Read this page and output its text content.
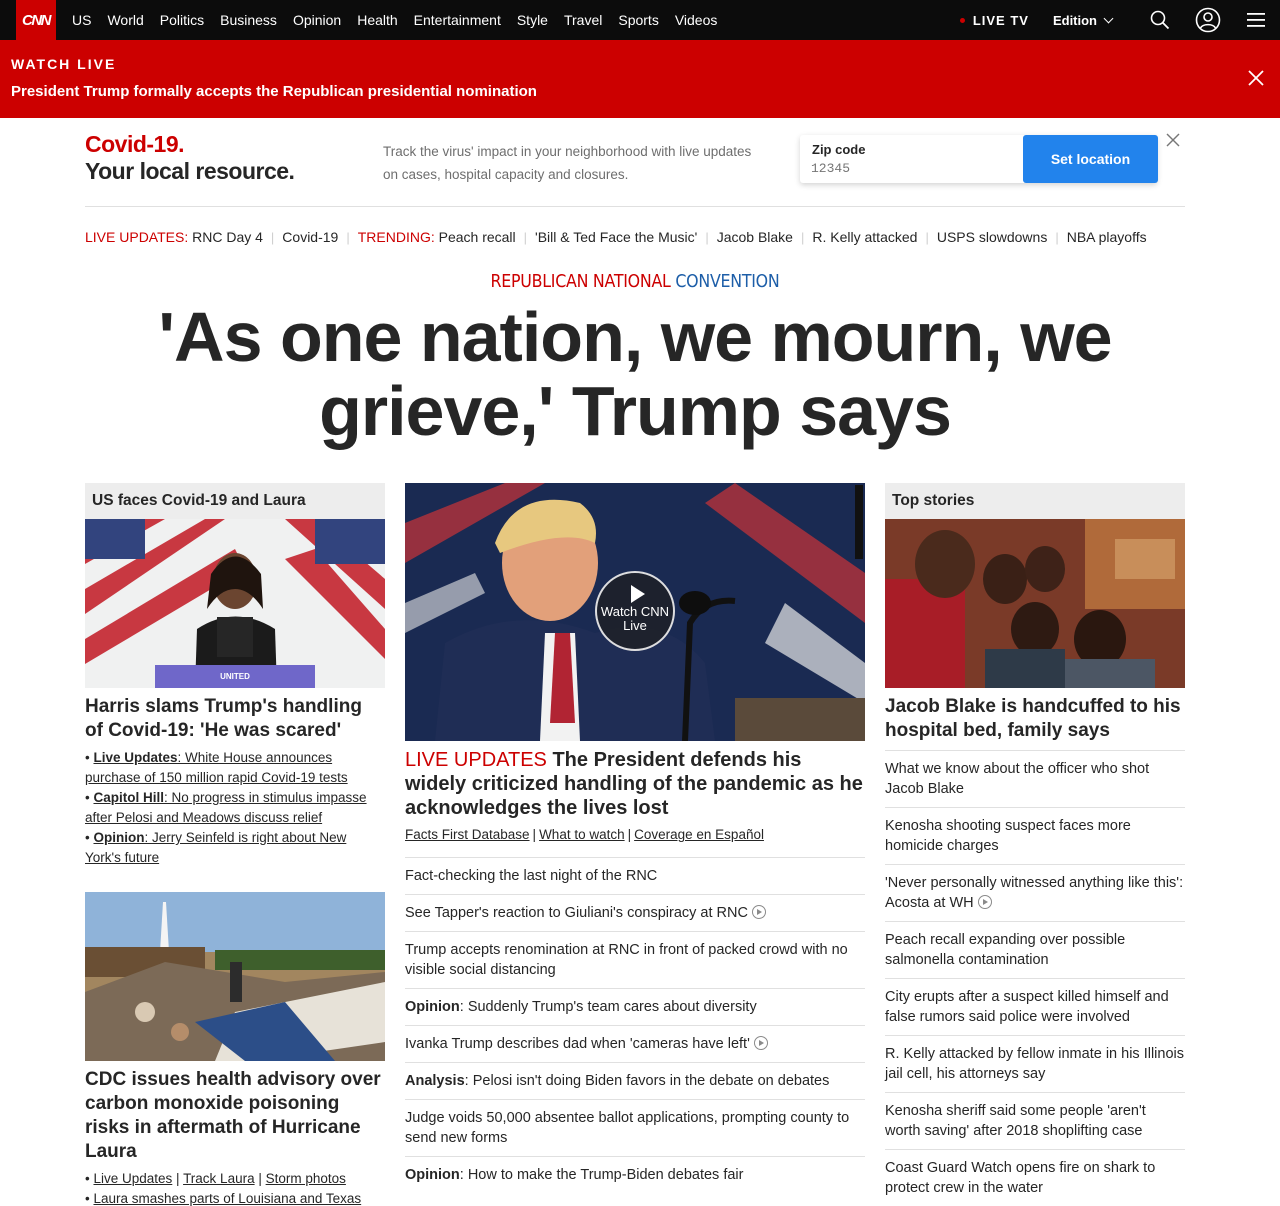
CNN	US	World	Politics	Business	Opinion	Health	Entertainment	Style	Travel	Sports	Videos	LIVE TV Edition
WATCH LIVE
President Trump formally accepts the Republican presidential nomination
Covid-19.
Your local resource.
Track the virus' impact in your neighborhood with live updates on cases, hospital capacity and closures.
Zip code
12345
Set location
LIVE UPDATES:
RNC Day 4 | Covid-19 | TRENDING:
Peach recall | 'Bill & Ted Face the Music' | Jacob Blake | R. Kelly attacked | USPS slowdowns | NBA playoffs
REPUBLICAN NATIONAL CONVENTION
'As one nation, we mourn, we grieve,' Trump says
US faces Covid-19 and Laura
UNITED
Harris slams Trump's handling of Covid-19: 'He was scared'
• Live Updates: White House announces purchase of 150 million rapid Covid-19 tests
• Capitol Hill: No progress in stimulus impasse after Pelosi and Meadows discuss relief
• Opinion: Jerry Seinfeld is right about New York's future
CDC issues health advisory over carbon monoxide poisoning risks in aftermath of Hurricane Laura
• Live Updates | Track Laura | Storm photos
• Laura smashes parts of Louisiana and Texas
Watch CNN Live
LIVE UPDATES The President defends his widely criticized handling of the pandemic as he acknowledges the lives lost
Facts First Database | What to watch | Coverage en Español
Fact-checking the last night of the RNC
See Tapper's reaction to Giuliani's conspiracy at RNC
Trump accepts renomination at RNC in front of packed crowd with no visible social distancing
Opinion: Suddenly Trump's team cares about diversity
Ivanka Trump describes dad when 'cameras have left'
Analysis: Pelosi isn't doing Biden favors in the debate on debates
Judge voids 50,000 absentee ballot applications, prompting county to send new forms
Opinion: How to make the Trump-Biden debates fair
Top stories
Jacob Blake is handcuffed to his hospital bed, family says
What we know about the officer who shot Jacob Blake
Kenosha shooting suspect faces more homicide charges
'Never personally witnessed anything like this': Acosta at WH
Peach recall expanding over possible salmonella contamination
City erupts after a suspect killed himself and false rumors said police were involved
R. Kelly attacked by fellow inmate in his Illinois jail cell, his attorneys say
Kenosha sheriff said some people 'aren't worth saving' after 2018 shoplifting case
Coast Guard Watch opens fire on shark to protect crew in the water
